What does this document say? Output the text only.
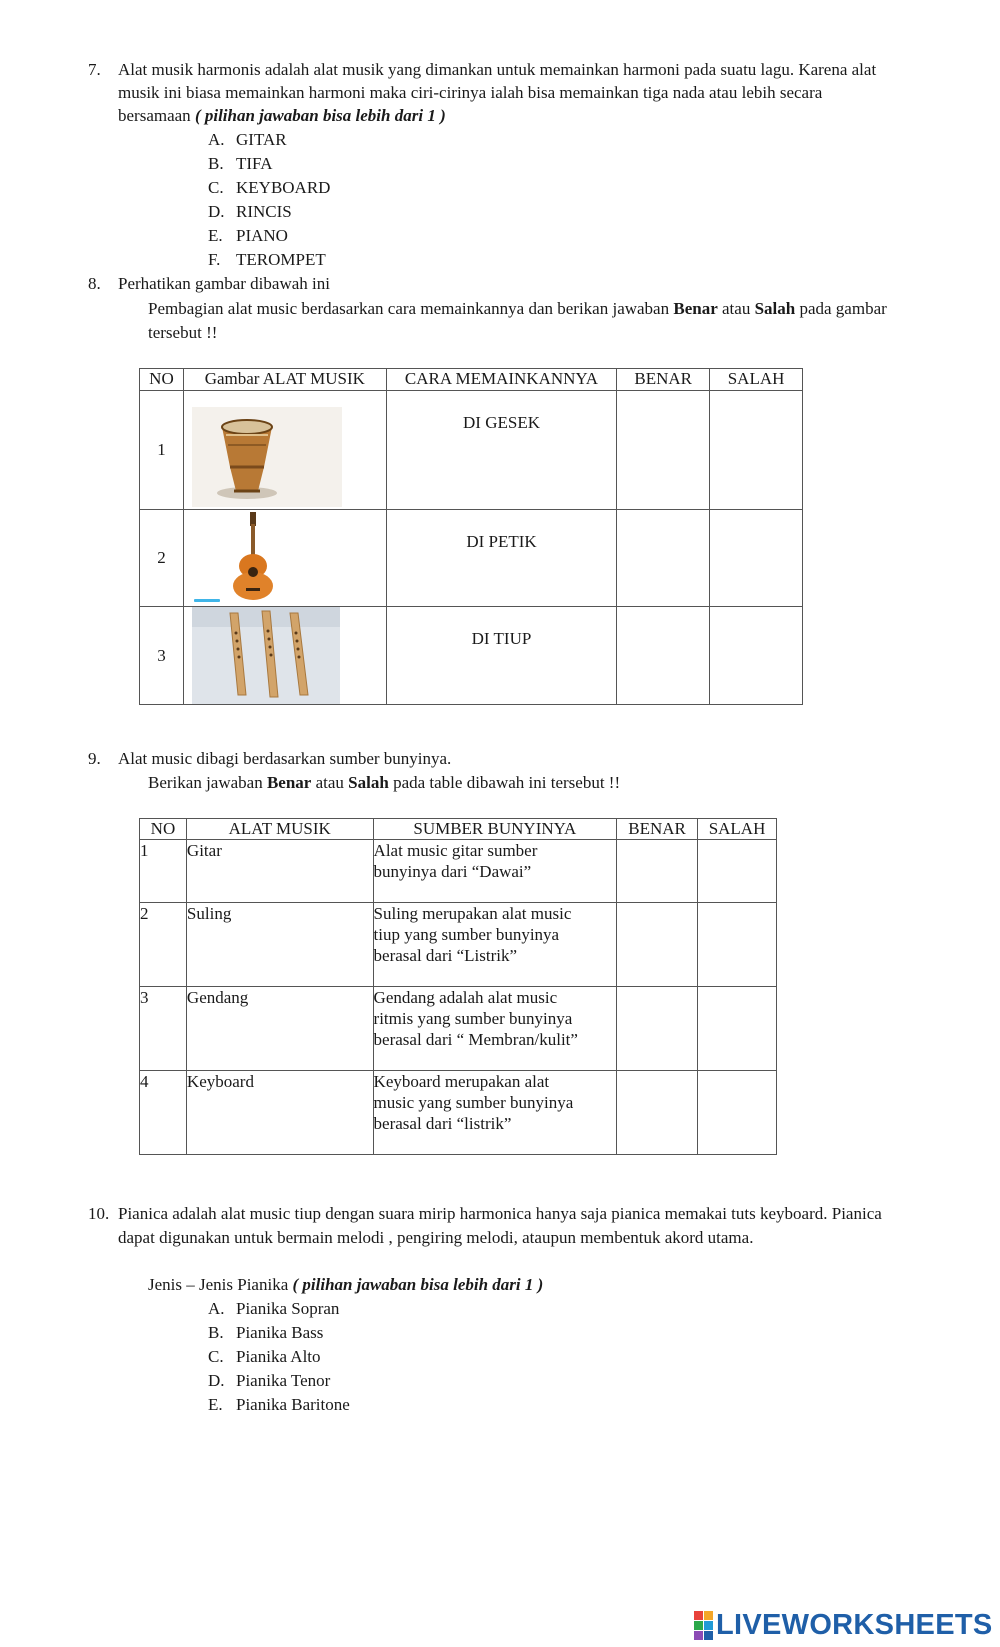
7. Alat musik harmonis adalah alat musik yang dimankan untuk memainkan harmoni pada suatu lagu. Karena alat
musik ini biasa memainkan harmoni maka ciri-cirinya ialah bisa memainkan tiga nada atau lebih secara
bersamaan ( pilihan jawaban bisa lebih dari 1 )
A. GITAR
B. TIFA
C. KEYBOARD
D. RINCIS
E. PIANO
F. TEROMPET
8. Perhatikan gambar dibawah ini
Pembagian alat music berdasarkan cara memainkannya dan berikan jawaban Benar atau Salah pada gambar
tersebut !!
NO	Gambar ALAT MUSIK	CARA MEMAINKANNYA	BENAR	SALAH
1		DI GESEK		

2		DI PETIK		

3		DI TIUP		

9. Alat music dibagi berdasarkan sumber bunyinya.
Berikan jawaban Benar atau Salah pada table dibawah ini tersebut !!
NO	ALAT MUSIK	SUMBER BUNYINYA	BENAR	SALAH
1	Gitar	Alat music gitar sumber
bunyinya dari “Dawai”		

2	Suling	Suling merupakan alat music
tiup yang sumber bunyinya
berasal dari “Listrik”		

3	Gendang	Gendang adalah alat music
ritmis yang sumber bunyinya
berasal dari “ Membran/kulit”		

4	Keyboard	Keyboard merupakan alat
music yang sumber bunyinya
berasal dari “listrik”		

10. Pianica adalah alat music tiup dengan suara mirip harmonica hanya saja pianica memakai tuts keyboard. Pianica
dapat digunakan untuk bermain melodi , pengiring melodi, ataupun membentuk akord utama.
Jenis – Jenis Pianika ( pilihan jawaban bisa lebih dari 1 )
A. Pianika Sopran
B. Pianika Bass
C. Pianika Alto
D. Pianika Tenor
E. Pianika Baritone
LIVEWORKSHEETS
